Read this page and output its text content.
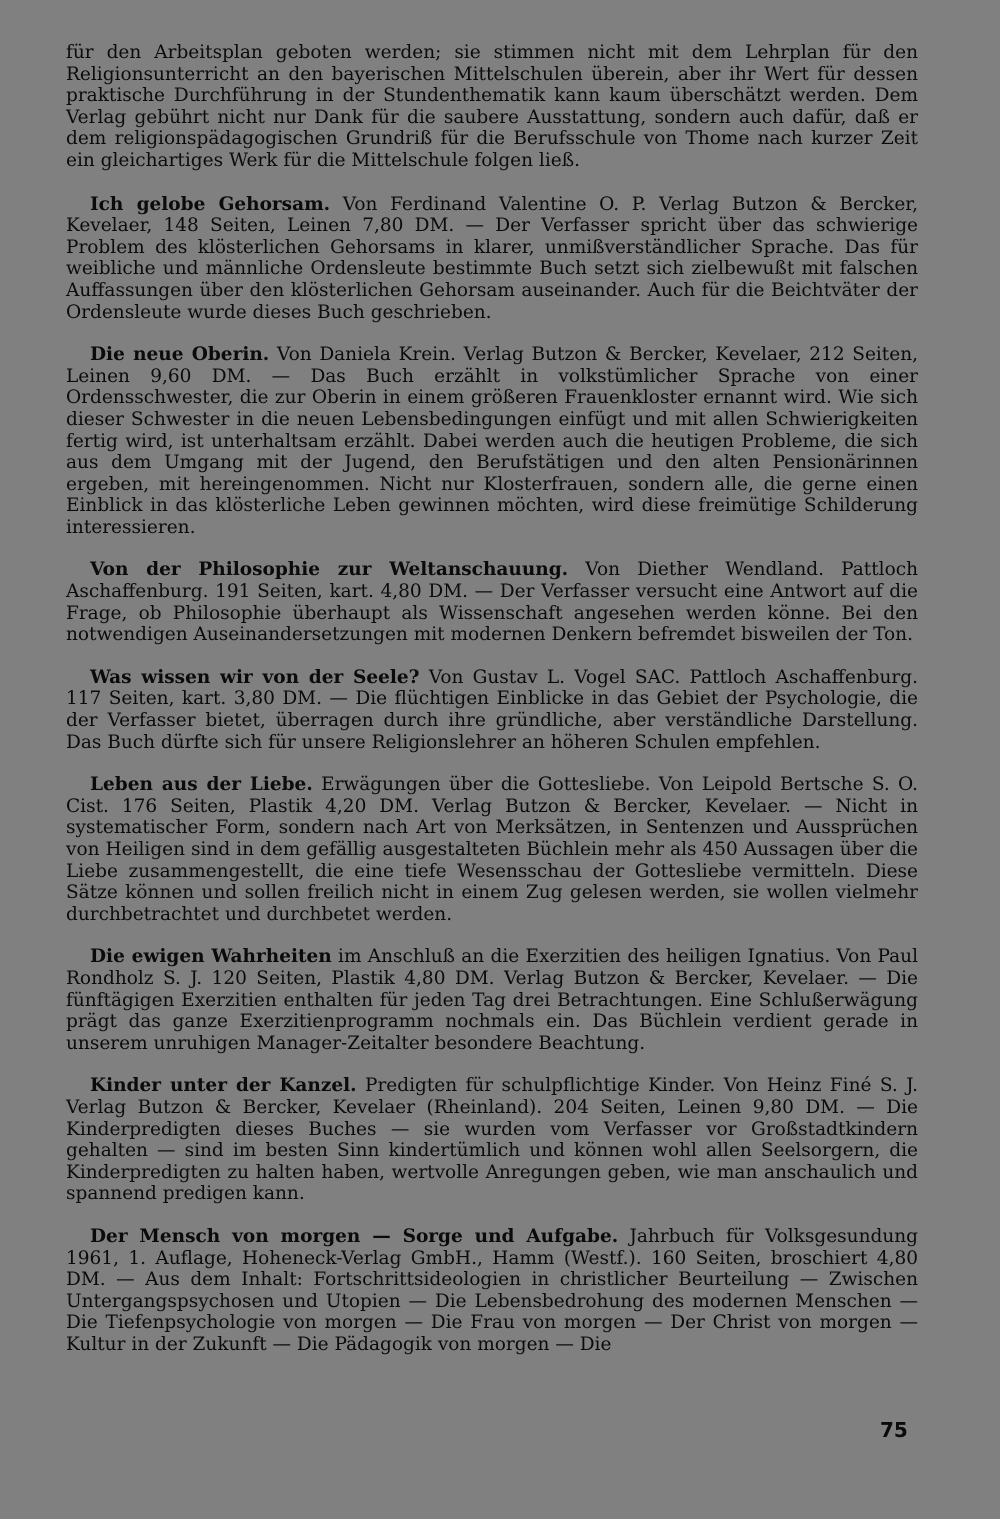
für den Arbeitsplan geboten werden; sie stimmen nicht mit dem Lehrplan für den Religionsunterricht an den bayerischen Mittelschulen überein, aber ihr Wert für dessen praktische Durchführung in der Stundenthematik kann kaum überschätzt werden. Dem Verlag gebührt nicht nur Dank für die saubere Ausstattung, sondern auch dafür, daß er dem religionspädagogischen Grundriß für die Berufsschule von Thome nach kurzer Zeit ein gleichartiges Werk für die Mittelschule folgen ließ.

Ich gelobe Gehorsam. Von Ferdinand Valentine O. P. Verlag Butzon & Bercker, Kevelaer, 148 Seiten, Leinen 7,80 DM. — Der Verfasser spricht über das schwierige Problem des klösterlichen Gehorsams in klarer, unmißverständlicher Sprache. Das für weibliche und männliche Ordensleute bestimmte Buch setzt sich zielbewußt mit falschen Auffassungen über den klösterlichen Gehorsam auseinander. Auch für die Beichtväter der Ordensleute wurde dieses Buch geschrieben.

Die neue Oberin. Von Daniela Krein. Verlag Butzon & Bercker, Kevelaer, 212 Seiten, Leinen 9,60 DM. — Das Buch erzählt in volkstümlicher Sprache von einer Ordensschwester, die zur Oberin in einem größeren Frauenkloster ernannt wird. Wie sich dieser Schwester in die neuen Lebensbedingungen einfügt und mit allen Schwierigkeiten fertig wird, ist unterhaltsam erzählt. Dabei werden auch die heutigen Probleme, die sich aus dem Umgang mit der Jugend, den Berufstätigen und den alten Pensionärinnen ergeben, mit hereingenommen. Nicht nur Klosterfrauen, sondern alle, die gerne einen Einblick in das klösterliche Leben gewinnen möchten, wird diese freimütige Schilderung interessieren.

Von der Philosophie zur Weltanschauung. Von Diether Wendland. Pattloch Aschaffenburg. 191 Seiten, kart. 4,80 DM. — Der Verfasser versucht eine Antwort auf die Frage, ob Philosophie überhaupt als Wissenschaft angesehen werden könne. Bei den notwendigen Auseinandersetzungen mit modernen Denkern befremdet bisweilen der Ton.

Was wissen wir von der Seele? Von Gustav L. Vogel SAC. Pattloch Aschaffenburg. 117 Seiten, kart. 3,80 DM. — Die flüchtigen Einblicke in das Gebiet der Psychologie, die der Verfasser bietet, überragen durch ihre gründliche, aber verständliche Darstellung. Das Buch dürfte sich für unsere Religionslehrer an höheren Schulen empfehlen.

Leben aus der Liebe. Erwägungen über die Gottesliebe. Von Leipold Bertsche S. O. Cist. 176 Seiten, Plastik 4,20 DM. Verlag Butzon & Bercker, Kevelaer. — Nicht in systematischer Form, sondern nach Art von Merksätzen, in Sentenzen und Aussprüchen von Heiligen sind in dem gefällig ausgestalteten Büchlein mehr als 450 Aussagen über die Liebe zusammengestellt, die eine tiefe Wesensschau der Gottesliebe vermitteln. Diese Sätze können und sollen freilich nicht in einem Zug gelesen werden, sie wollen vielmehr durchbetrachtet und durchbetet werden.

Die ewigen Wahrheiten im Anschluß an die Exerzitien des heiligen Ignatius. Von Paul Rondholz S. J. 120 Seiten, Plastik 4,80 DM. Verlag Butzon & Bercker, Kevelaer. — Die fünftägigen Exerzitien enthalten für jeden Tag drei Betrachtungen. Eine Schlußerwägung prägt das ganze Exerzitienprogramm nochmals ein. Das Büchlein verdient gerade in unserem unruhigen Manager-Zeitalter besondere Beachtung.

Kinder unter der Kanzel. Predigten für schulpflichtige Kinder. Von Heinz Finé S. J. Verlag Butzon & Bercker, Kevelaer (Rheinland). 204 Seiten, Leinen 9,80 DM. — Die Kinderpredigten dieses Buches — sie wurden vom Verfasser vor Großstadtkindern gehalten — sind im besten Sinn kindertümlich und können wohl allen Seelsorgern, die Kinderpredigten zu halten haben, wertvolle Anregungen geben, wie man anschaulich und spannend predigen kann.

Der Mensch von morgen — Sorge und Aufgabe. Jahrbuch für Volksgesundung 1961, 1. Auflage, Hoheneck-Verlag GmbH., Hamm (Westf.). 160 Seiten, broschiert 4,80 DM. — Aus dem Inhalt: Fortschrittsideologien in christlicher Beurteilung — Zwischen Untergangspsychosen und Utopien — Die Lebensbedrohung des modernen Menschen — Die Tiefenpsychologie von morgen — Die Frau von morgen — Der Christ von morgen — Kultur in der Zukunft — Die Pädagogik von morgen — Die

75
